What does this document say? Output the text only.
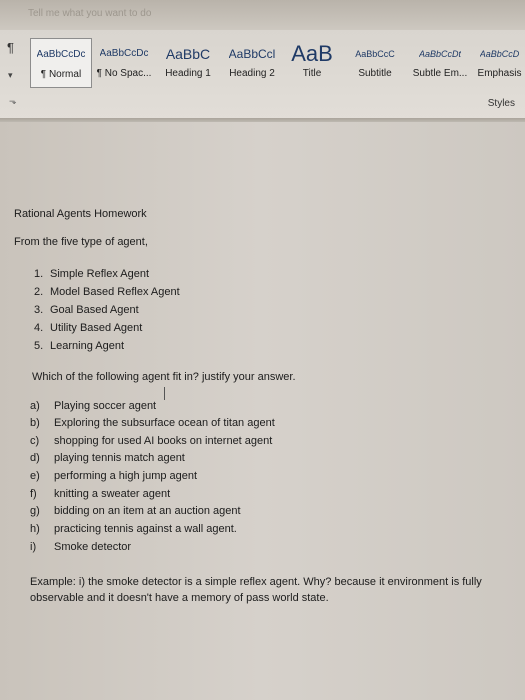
Tell me what you want to do
¶
▾
⬎
AaBbCcDc
¶ Normal
AaBbCcDc
¶ No Spac...
AaBbC
Heading 1
AaBbCcl
Heading 2
AaB
Title
AaBbCcC
Subtitle
AaBbCcDt
Subtle Em...
AaBbCcD
Emphasis
Styles
Rational Agents Homework
From the five type of agent,
1. Simple Reflex Agent
2. Model Based Reflex Agent
3. Goal Based Agent
4. Utility Based Agent
5. Learning Agent
Which of the following agent fit in? justify your answer.
a) Playing soccer agent
b) Exploring the subsurface ocean of titan agent
c) shopping for used AI books on internet agent
d) playing tennis match agent
e) performing a high jump agent
f) knitting a sweater agent
g) bidding on an item at an auction agent
h) practicing tennis against a wall agent.
i) Smoke detector
Example: i) the smoke detector is a simple reflex agent. Why? because it environment is fully
observable and it doesn't have a memory of pass world state.
